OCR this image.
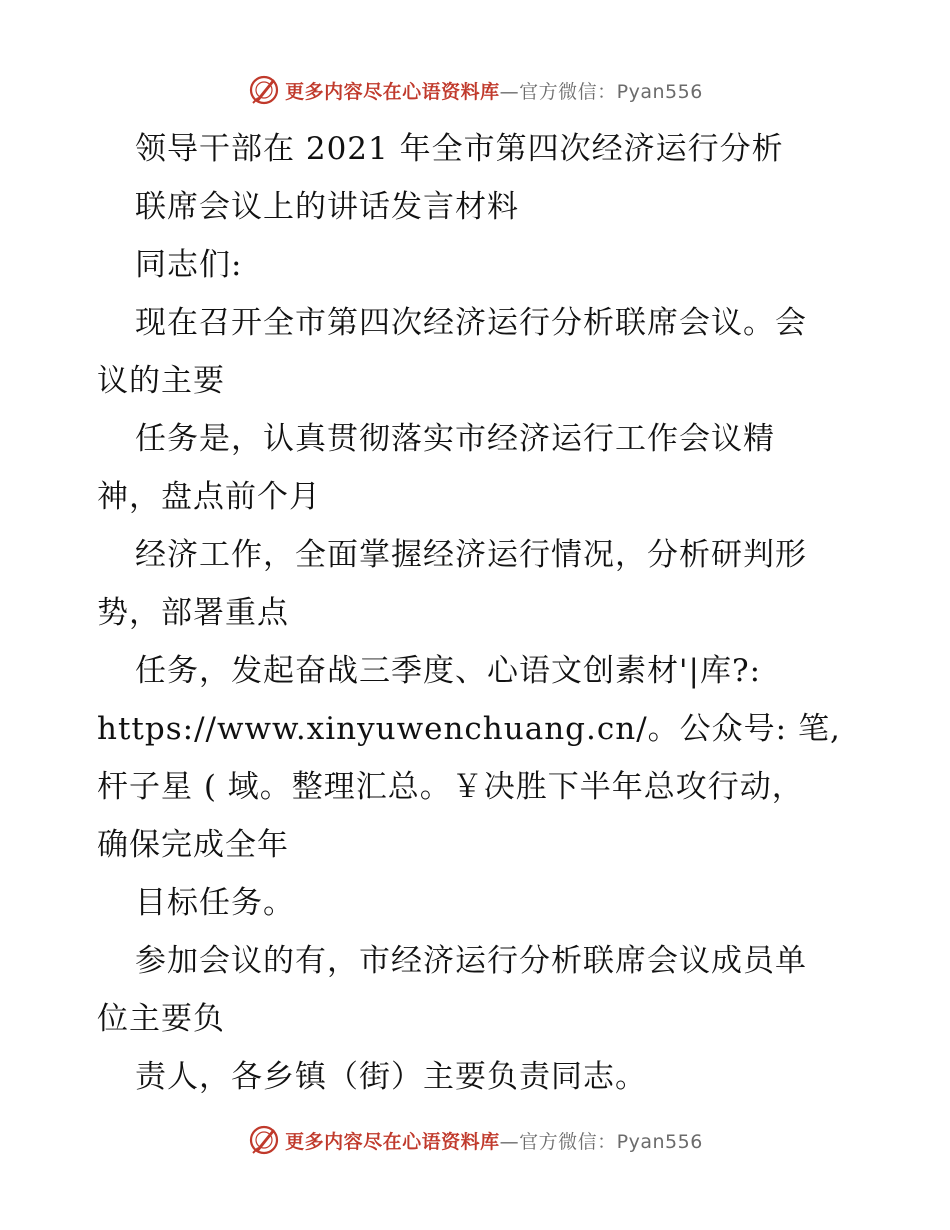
更多内容尽在心语资料库—官方微信：Pyan556
领导干部在 2021 年全市第四次经济运行分析
联席会议上的讲话发言材料
同志们:
现在召开全市第四次经济运行分析联席会议。会
议的主要
任务是，认真贯彻落实市经济运行工作会议精
神，盘点前个月
经济工作，全面掌握经济运行情况，分析研判形
势，部署重点
任务，发起奋战三季度、心语文创素材'|库?:
https://www.xinyuwenchuang.cn/。公众号: 笔,
杆子星 ( 域。整理汇总。￥决胜下半年总攻行动，
确保完成全年
目标任务。
参加会议的有，市经济运行分析联席会议成员单
位主要负
责人，各乡镇（街）主要负责同志。
更多内容尽在心语资料库—官方微信：Pyan556
